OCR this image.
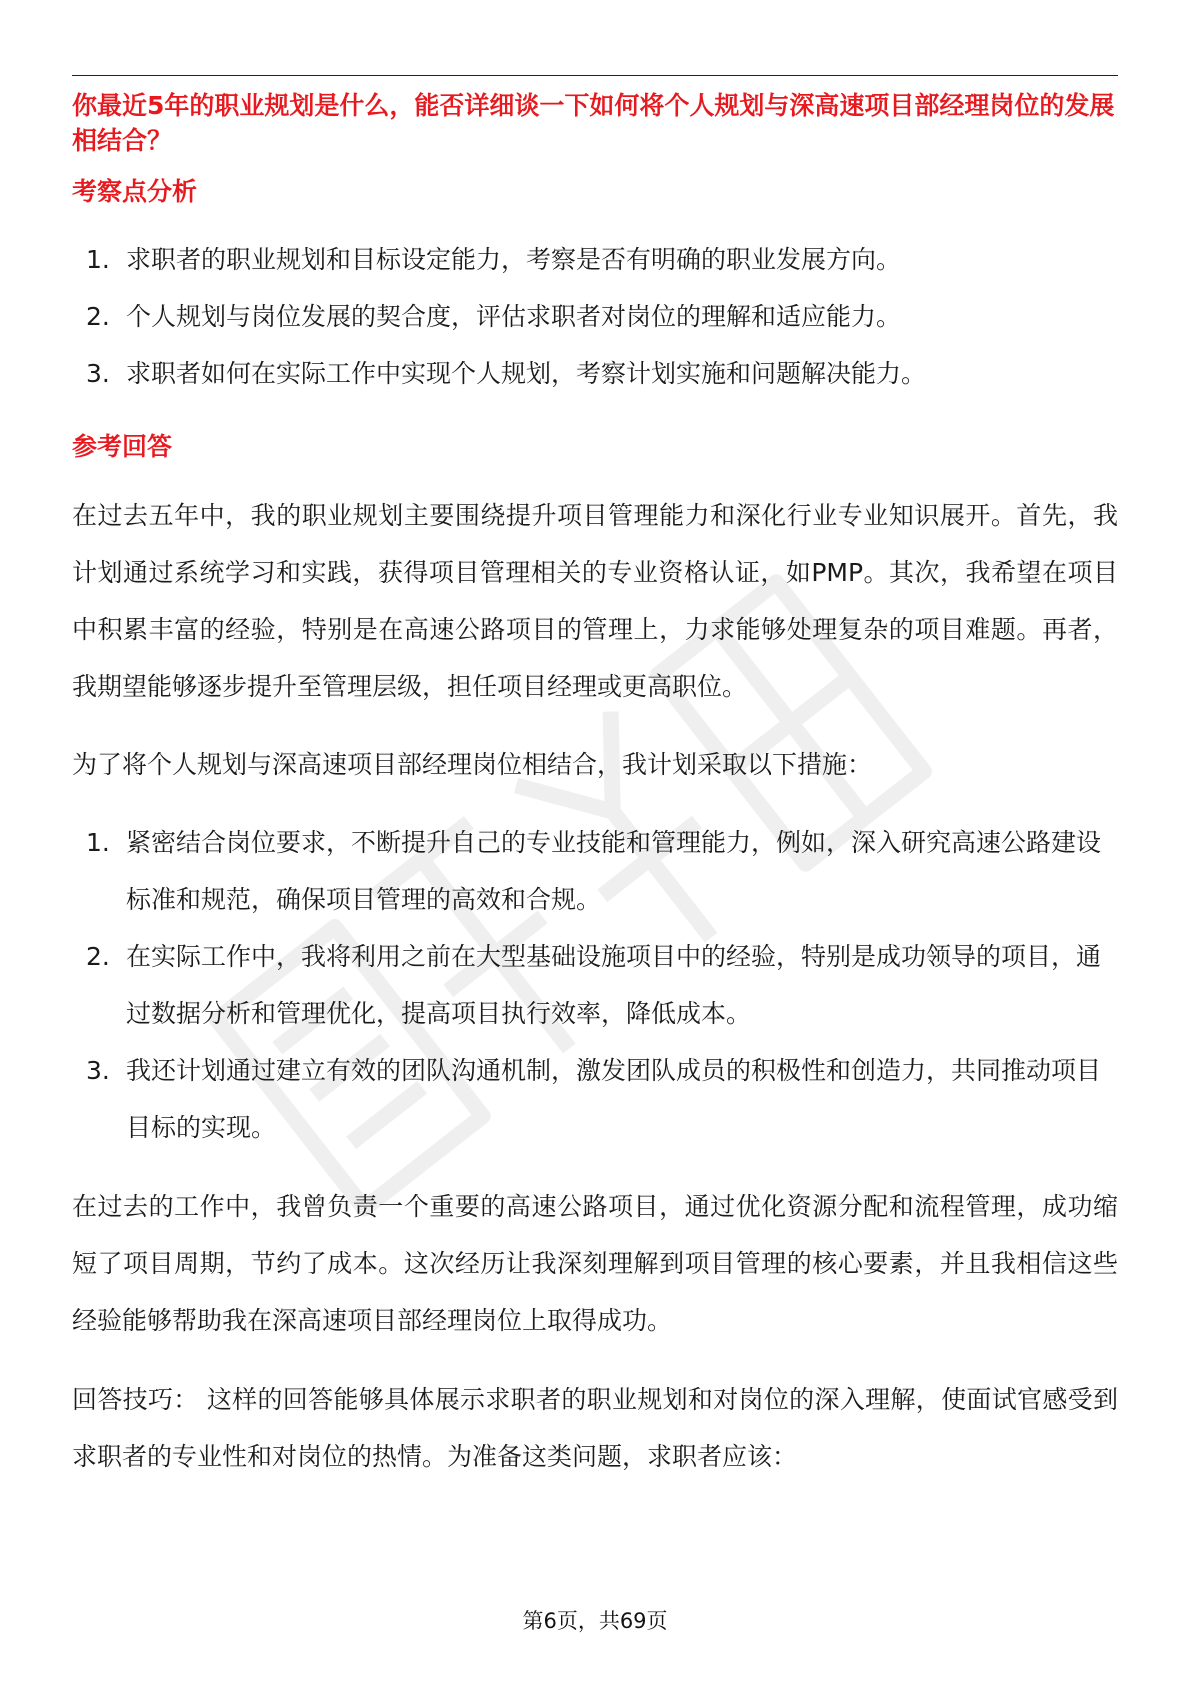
你最近5年的职业规划是什么，能否详细谈一下如何将个人规划与深高速项目部经理岗位的发展相结合？

考察点分析
1. 求职者的职业规划和目标设定能力，考察是否有明确的职业发展方向。
2. 个人规划与岗位发展的契合度，评估求职者对岗位的理解和适应能力。
3. 求职者如何在实际工作中实现个人规划，考察计划实施和问题解决能力。
参考回答

在过去五年中，我的职业规划主要围绕提升项目管理能力和深化行业专业知识展开。首先，我计划通过系统学习和实践，获得项目管理相关的专业资格认证，如PMP。其次，我希望在项目中积累丰富的经验，特别是在高速公路项目的管理上，力求能够处理复杂的项目难题。再者，我期望能够逐步提升至管理层级，担任项目经理或更高职位。

为了将个人规划与深高速项目部经理岗位相结合，我计划采取以下措施：

1. 紧密结合岗位要求，不断提升自己的专业技能和管理能力，例如，深入研究高速公路建设标准和规范，确保项目管理的高效和合规。
2. 在实际工作中，我将利用之前在大型基础设施项目中的经验，特别是成功领导的项目，通过数据分析和管理优化，提高项目执行效率，降低成本。
3. 我还计划通过建立有效的团队沟通机制，激发团队成员的积极性和创造力，共同推动项目目标的实现。

在过去的工作中，我曾负责一个重要的高速公路项目，通过优化资源分配和流程管理，成功缩短了项目周期，节约了成本。这次经历让我深刻理解到项目管理的核心要素，并且我相信这些经验能够帮助我在深高速项目部经理岗位上取得成功。

回答技巧： 这样的回答能够具体展示求职者的职业规划和对岗位的深入理解，使面试官感受到求职者的专业性和对岗位的热情。为准备这类问题，求职者应该：

第6页，共69页
